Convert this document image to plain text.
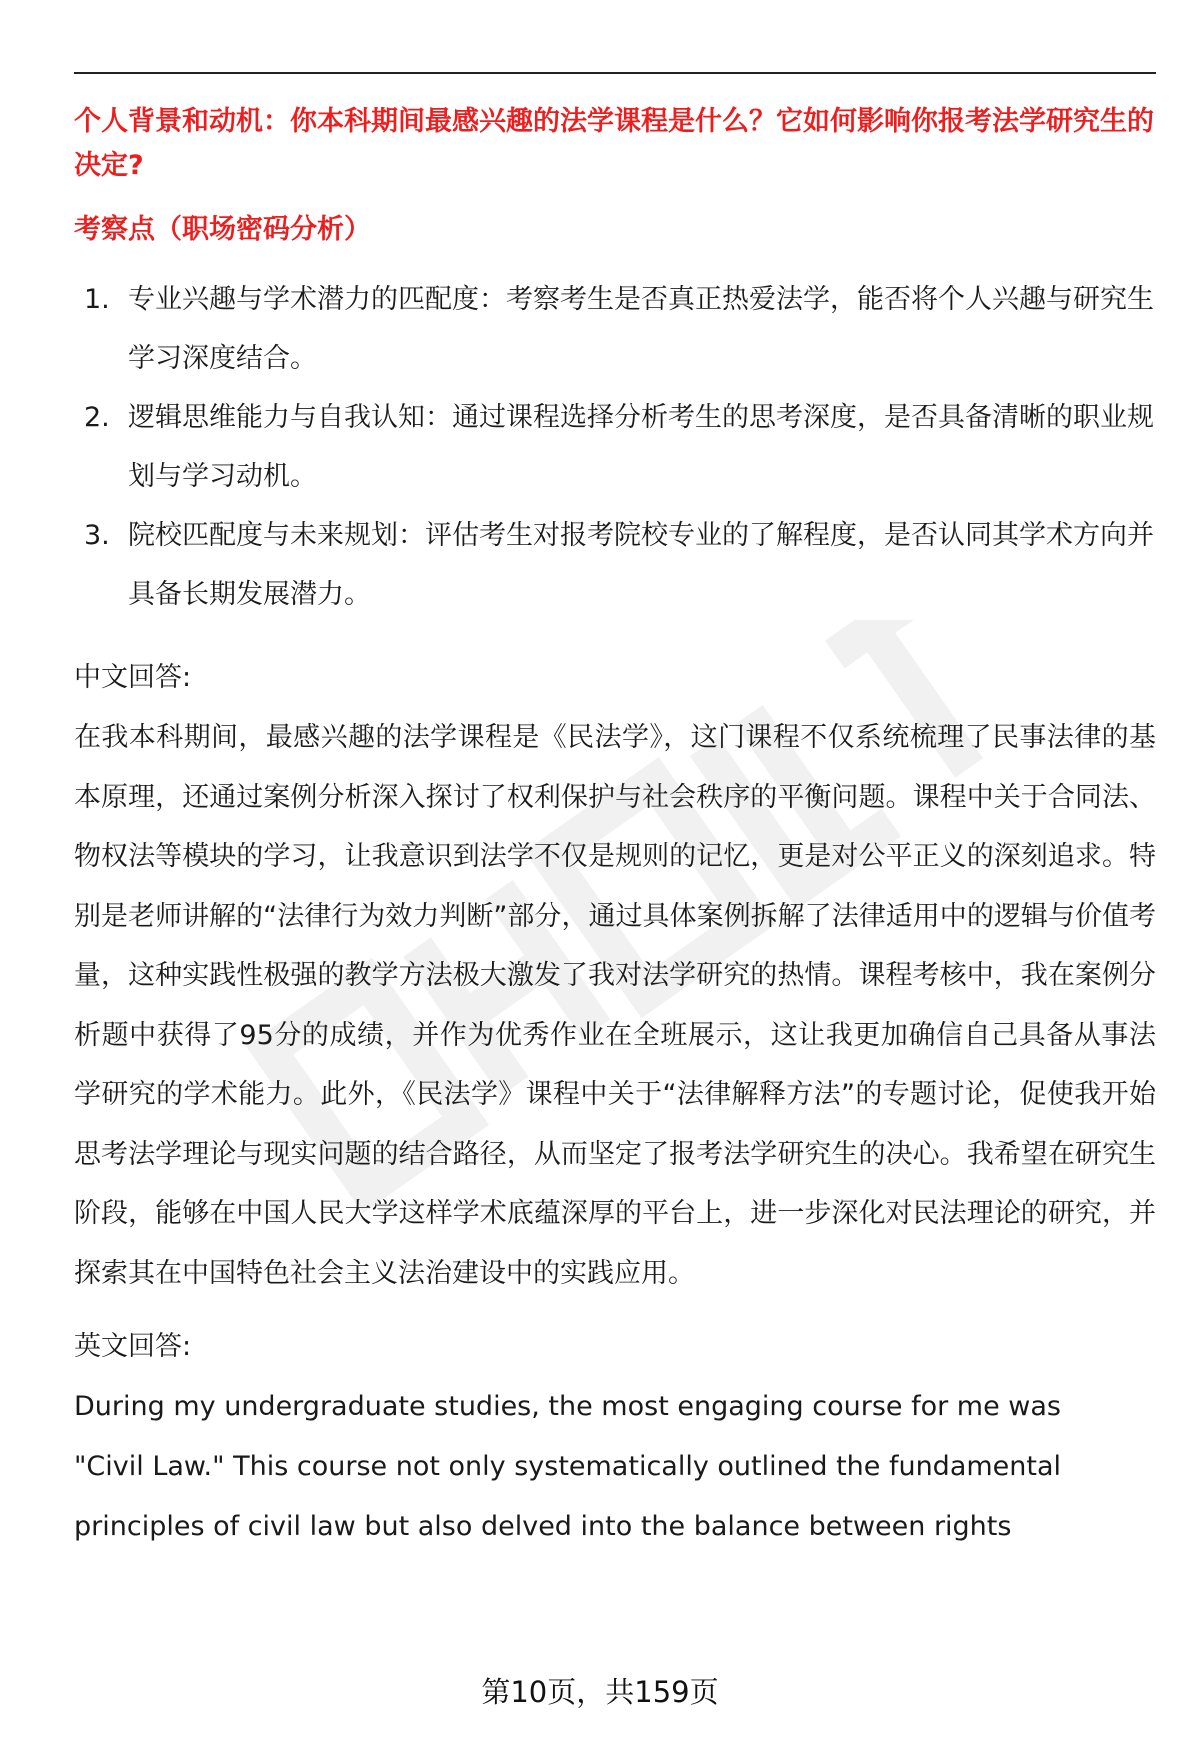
个人背景和动机：你本科期间最感兴趣的法学课程是什么？它如何影响你报考法学研究生的决定?

考察点（职场密码分析）

1. 专业兴趣与学术潜力的匹配度：考察考生是否真正热爱法学，能否将个人兴趣与研究生学习深度结合。
2. 逻辑思维能力与自我认知：通过课程选择分析考生的思考深度，是否具备清晰的职业规划与学习动机。
3. 院校匹配度与未来规划：评估考生对报考院校专业的了解程度，是否认同其学术方向并具备长期发展潜力。

中文回答:

在我本科期间，最感兴趣的法学课程是《民法学》，这门课程不仅系统梳理了民事法律的基本原理，还通过案例分析深入探讨了权利保护与社会秩序的平衡问题。课程中关于合同法、物权法等模块的学习，让我意识到法学不仅是规则的记忆，更是对公平正义的深刻追求。特别是老师讲解的“法律行为效力判断”部分，通过具体案例拆解了法律适用中的逻辑与价值考量，这种实践性极强的教学方法极大激发了我对法学研究的热情。课程考核中，我在案例分析题中获得了95分的成绩，并作为优秀作业在全班展示，这让我更加确信自己具备从事法学研究的学术能力。此外，《民法学》课程中关于“法律解释方法”的专题讨论，促使我开始思考法学理论与现实问题的结合路径，从而坚定了报考法学研究生的决心。我希望在研究生阶段，能够在中国人民大学这样学术底蕴深厚的平台上，进一步深化对民法理论的研究，并探索其在中国特色社会主义法治建设中的实践应用。

英文回答:

During my undergraduate studies, the most engaging course for me was
"Civil Law." This course not only systematically outlined the fundamental
principles of civil law but also delved into the balance between rights
第10页，共159页
